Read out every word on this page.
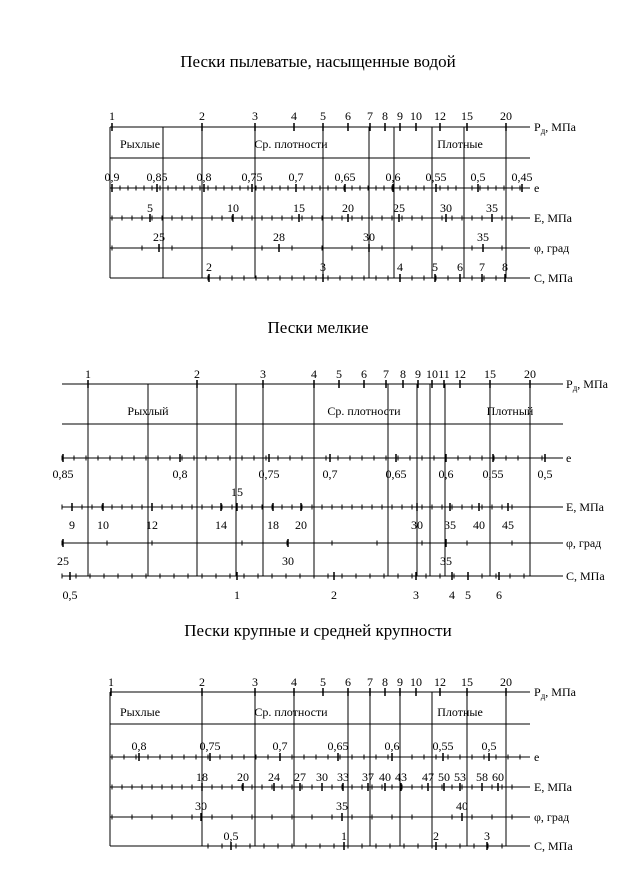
Пески пылеватые, насыщенные водой
1	2	3	4 5 6 7 8 9 10 12 15 20
$P_д$, МПа
Рыхлые	Ср. плотности	Плотные
0,9 0,85 0,8	0,75 0,7	0,65	0,6 0,55 0,5 0,45
e
5	10	15	20	25	30	35
Е, МПа
25	28	30	35
φ, град
2	3	4 5 6 7 8
С, МПа
Пески мелкие
1	2	3	4 5 6 7 8 9 10 11 12 15 20
$P_д$, МПа
Рыхлый	Ср. плотности	Плотный
0,85	0,8	0,75	0,7	0,65	0,6 0,55	0,5
e
9 10	12	14
15
18 20	30 35 40 45
Е, МПа
25	30	35
φ, град
0,5	1	2	3	4 5 6
С, МПа
Пески крупные и средней крупности
1	2	3	4 5 6 7 8 9 10 12 15 20
$P_д$, МПа
Рыхлые	Ср. плотности	Плотные
0,8	0,75	0,7	0,65	0,6	0,55 0,5
e
18 20 24 27 30 33 37 40 43 47 50 53 58 60
Е, МПа
30	35	40
φ, град
0,5	1	2	3
С, МПа
